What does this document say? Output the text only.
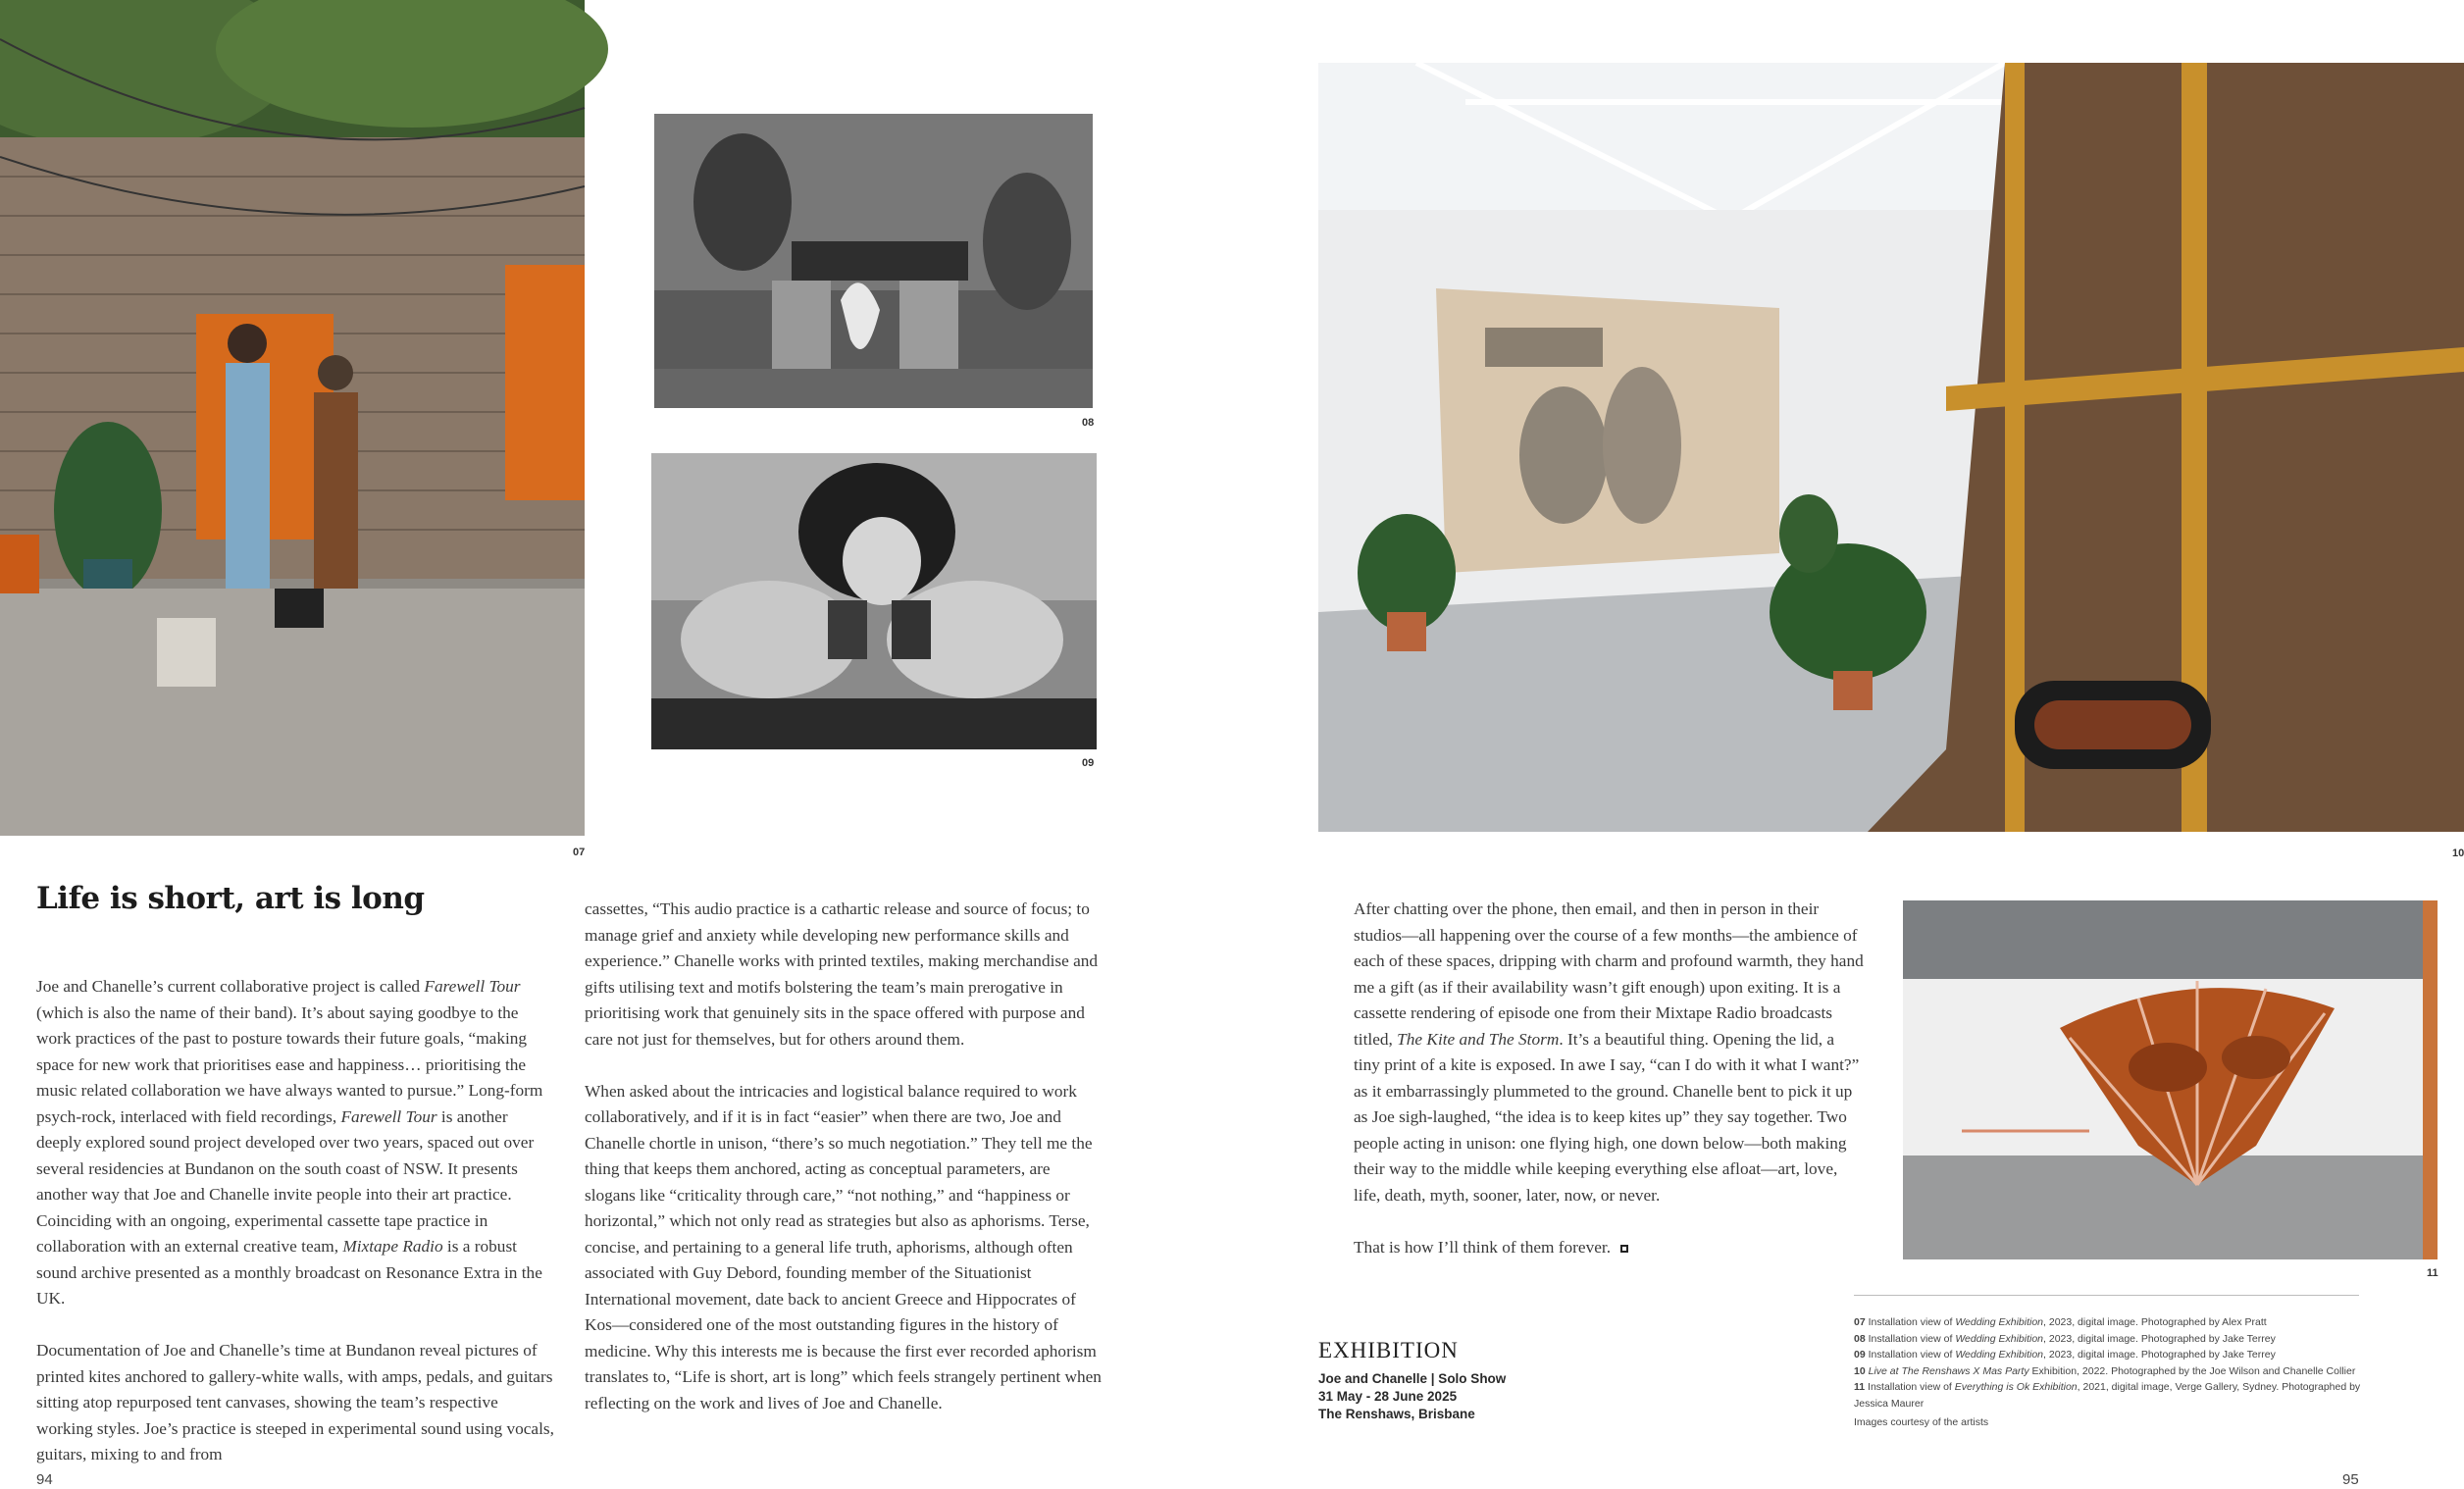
07
08
09
10
Life is short, art is long

Joe and Chanelle’s current collaborative project is called Farewell Tour (which is also the name of their band). It’s about saying goodbye to the work practices of the past to posture towards their future goals, “making space for new work that prioritises ease and happiness… prioritising the music related collaboration we have always wanted to pursue.” Long-form psych-rock, interlaced with field recordings, Farewell Tour is another deeply explored sound project developed over two years, spaced out over several residencies at Bundanon on the south coast of NSW. It presents another way that Joe and Chanelle invite people into their art practice. Coinciding with an ongoing, experimental cassette tape practice in collaboration with an external creative team, Mixtape Radio is a robust sound archive presented as a monthly broadcast on Resonance Extra in the UK.

Documentation of Joe and Chanelle’s time at Bundanon reveal pictures of printed kites anchored to gallery-white walls, with amps, pedals, and guitars sitting atop repurposed tent canvases, showing the team’s respective working styles. Joe’s practice is steeped in experimental sound using vocals, guitars, mixing to and from

cassettes, “This audio practice is a cathartic release and source of focus; to manage grief and anxiety while developing new performance skills and experience.” Chanelle works with printed textiles, making merchandise and gifts utilising text and motifs bolstering the team’s main prerogative in prioritising work that genuinely sits in the space offered with purpose and care not just for themselves, but for others around them.

When asked about the intricacies and logistical balance required to work collaboratively, and if it is in fact “easier” when there are two, Joe and Chanelle chortle in unison, “there’s so much negotiation.” They tell me the thing that keeps them anchored, acting as conceptual parameters, are slogans like “criticality through care,” “not nothing,” and “happiness or horizontal,” which not only read as strategies but also as aphorisms. Terse, concise, and pertaining to a general life truth, aphorisms, although often associated with Guy Debord, founding member of the Situationist International movement, date back to ancient Greece and Hippocrates of Kos—considered one of the most outstanding figures in the history of medicine. Why this interests me is because the first ever recorded aphorism translates to, “Life is short, art is long” which feels strangely pertinent when reflecting on the work and lives of Joe and Chanelle.

After chatting over the phone, then email, and then in person in their studios—all happening over the course of a few months—the ambience of each of these spaces, dripping with charm and profound warmth, they hand me a gift (as if their availability wasn’t gift enough) upon exiting. It is a cassette rendering of episode one from their Mixtape Radio broadcasts titled, The Kite and The Storm. It’s a beautiful thing. Opening the lid, a tiny print of a kite is exposed. In awe I say, “can I do with it what I want?” as it embarrassingly plummeted to the ground. Chanelle bent to pick it up as Joe sigh-laughed, “the idea is to keep kites up” they say together. Two people acting in unison: one flying high, one down below—both making their way to the middle while keeping everything else afloat—art, love, life, death, myth, sooner, later, now, or never.

That is how I’ll think of them forever.

11
EXHIBITION
Joe and Chanelle | Solo Show
31 May - 28 June 2025
The Renshaws, Brisbane
07 Installation view of Wedding Exhibition, 2023, digital image. Photographed by Alex Pratt
08 Installation view of Wedding Exhibition, 2023, digital image. Photographed by Jake Terrey
09 Installation view of Wedding Exhibition, 2023, digital image. Photographed by Jake Terrey
10 Live at The Renshaws X Mas Party Exhibition, 2022. Photographed by the Joe Wilson and Chanelle Collier
11 Installation view of Everything is Ok Exhibition, 2021, digital image, Verge Gallery, Sydney. Photographed by Jessica Maurer
Images courtesy of the artists
94	95
